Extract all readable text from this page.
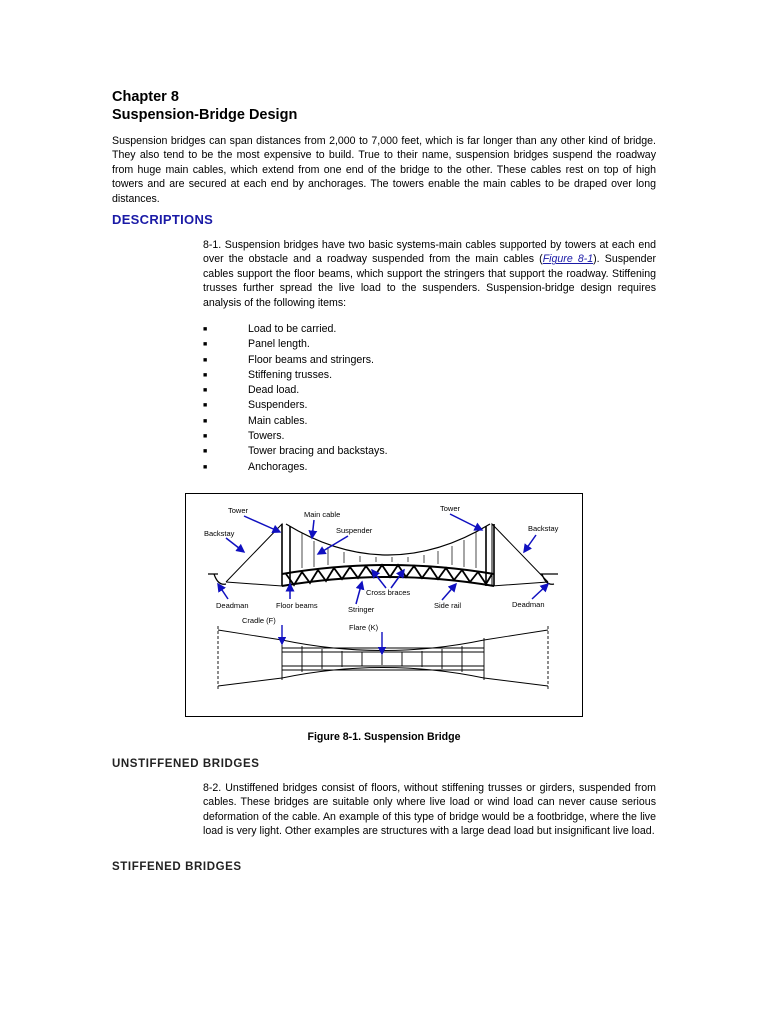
Chapter 8
Suspension-Bridge Design
Suspension bridges can span distances from 2,000 to 7,000 feet, which is far longer than any other kind of bridge. They also tend to be the most expensive to build. True to their name, suspension bridges suspend the roadway from huge main cables, which extend from one end of the bridge to the other. These cables rest on top of high towers and are secured at each end by anchorages. The towers enable the main cables to be draped over long distances.
DESCRIPTIONS
8-1. Suspension bridges have two basic systems-main cables supported by towers at each end over the obstacle and a roadway suspended from the main cables (Figure 8-1). Suspender cables support the floor beams, which support the stringers that support the roadway. Stiffening trusses further spread the live load to the suspenders. Suspension-bridge design requires analysis of the following items:
■	Load to be carried.
■	Panel length.
■	Floor beams and stringers.
■	Stiffening trusses.
■	Dead load.
■	Suspenders.
■	Main cables.
■	Towers.
■	Tower bracing and backstays.
■	Anchorages.
Tower	Main cable
Tower
Suspender
Backstay
Backstay
Cross braces
Deadman	Floor beams	Stringer	Side rail	Deadman
Cradle (F)
Flare (K)
Figure 8-1. Suspension Bridge
UNSTIFFENED BRIDGES
8-2. Unstiffened bridges consist of floors, without stiffening trusses or girders, suspended from cables. These bridges are suitable only where live load or wind load can never cause serious deformation of the cable. An example of this type of bridge would be a footbridge, where the live load is very light. Other examples are structures with a large dead load but insignificant live load.
STIFFENED BRIDGES
